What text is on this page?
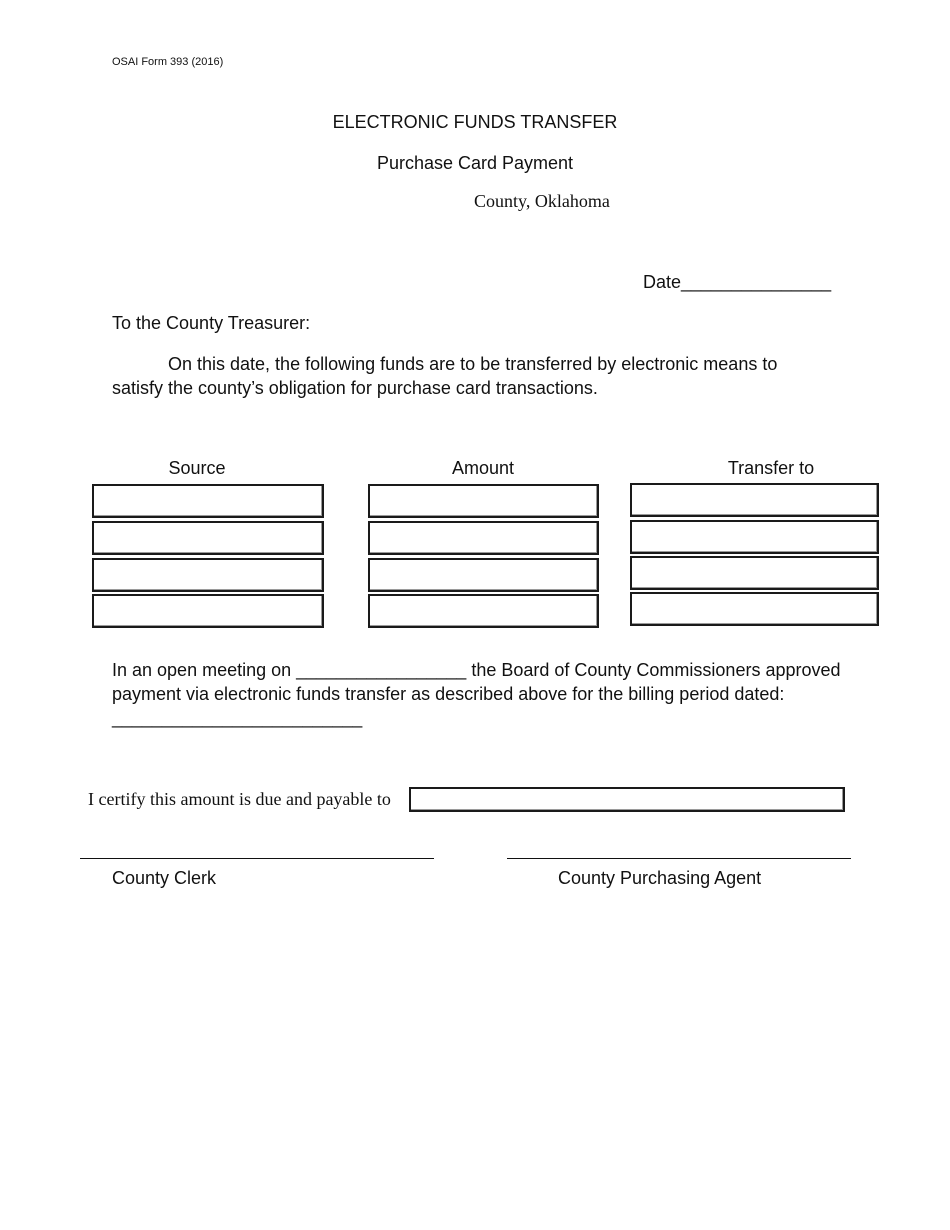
OSAI Form 393 (2016)
ELECTRONIC FUNDS TRANSFER
Purchase Card Payment
County, Oklahoma
Date_______________
To the County Treasurer:
On this date, the following funds are to be transferred by electronic means to satisfy the county’s obligation for purchase card transactions.
Source	Amount	Transfer to
In an open meeting on _________________ the Board of County Commissioners approved payment via electronic funds transfer as described above for the billing period dated: _________________________
I certify this amount is due and payable to
County Clerk	County Purchasing Agent
